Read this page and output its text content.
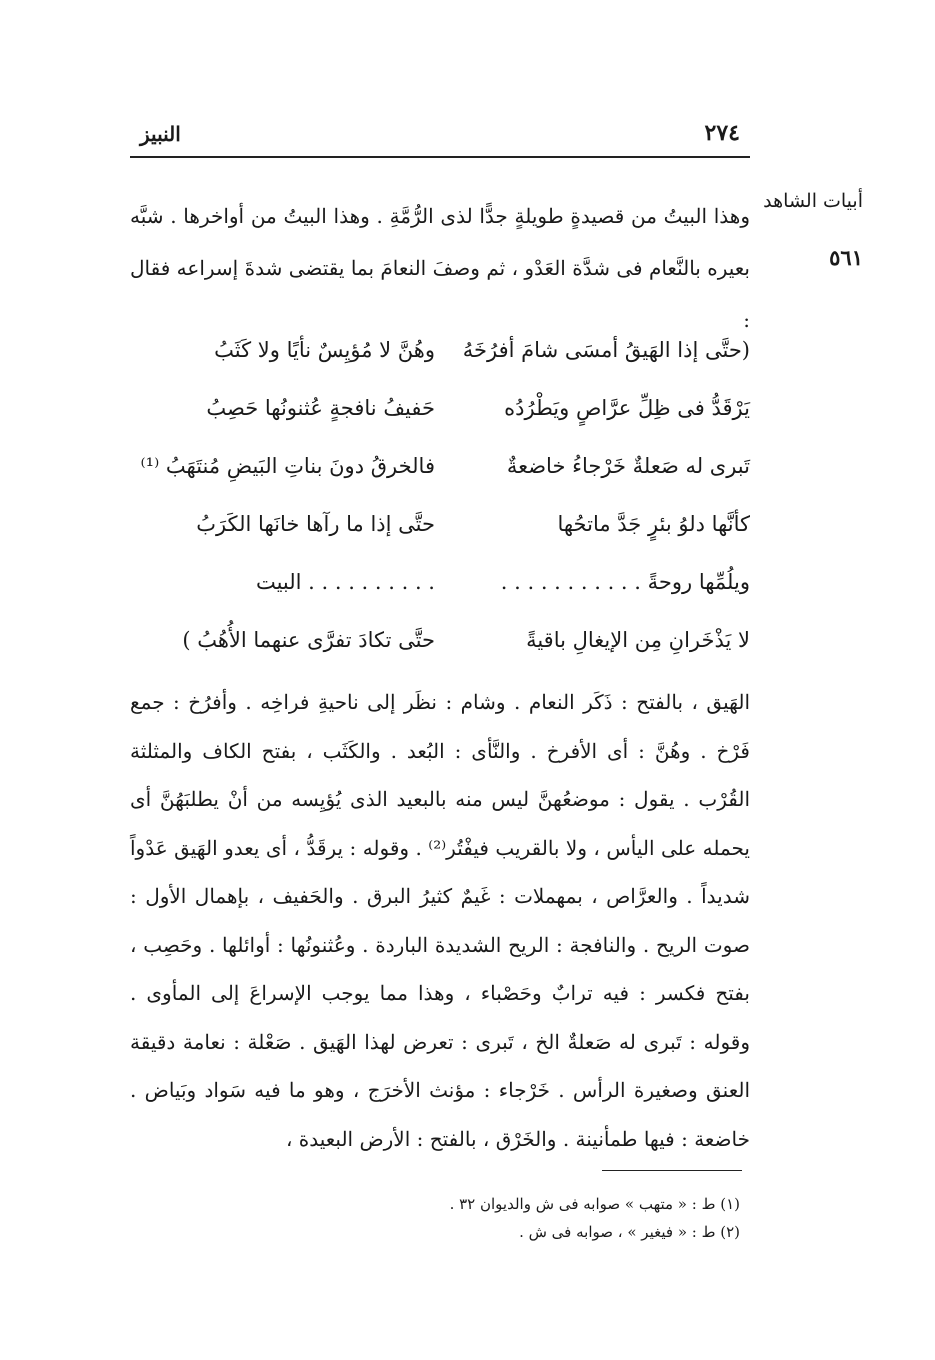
٢٧٤
النبيز
أبيات الشاهد
٥٦١
وهذا البيتُ من قصيدةٍ طويلةٍ جدًّا لذى الرُّمَّةِ . وهذا البيتُ من أواخرها . شبَّه بعيره بالنَّعام فى شدَّة العَدْو ، ثم وصفَ النعامَ بما يقتضى شدةَ إسراعه فقال :
(حتَّى إذا الهَيقُ أمسَى شامَ أفرُخَهُ
وهُنَّ لا مُؤيِسٌ نأيًا ولا كَثَبُ
يَرْقَدُّ فى ظِلِّ عرَّاصٍ ويَطْرُدُه
حَفيفُ نافجةٍ عُثنونُها حَصِبُ
تَبرى له صَعلةٌ خَرْجاءُ خاضعةٌ
فالخرقُ دونَ بناتِ البَيضِ مُنتَهَبُ ⁽¹⁾
كأنَّها دلوُ بئرٍ جَدَّ ماتحُها
حتَّى إذا ما رآها خانَها الكَرَبُ
ويلُمِّها روحةً . . . . . . . . . . .
. . . . . . . . . . البيت
لا يَذْخَرانِ مِن الإيغالِ باقيةً
حتَّى تكادَ تفرَّى عنهما الأُهُبُ )
الهَيق ، بالفتح : ذَكَر النعام . وشام : نظَر إلى ناحيةِ فراخِه . وأفرُخ : جمع فَرْخ . وهُنَّ : أى الأفرخ . والنَّأى : البُعد . والكَثَب ، بفتح الكاف والمثلثة القُرْب . يقول : موضعُهنَّ ليس منه بالبعيد الذى يُؤيِسه من أنْ يطلبَهُنَّ أى يحمله على اليأس ، ولا بالقريب فيفْتُر⁽²⁾ . وقوله : يرقَدُّ ، أى يعدو الهَيق عَدْواً شديداً . والعرَّاص ، بمهملات : غَيمٌ كثيرُ البرق . والحَفيف ، بإهمال الأول : صوت الريح . والنافجة : الريح الشديدة الباردة . وعُثنونُها : أوائلها . وحَصِب ، بفتح فكسر : فيه ترابٌ وحَصْباء ، وهذا مما يوجب الإسراعَ إلى المأوى . وقوله : تَبرى له صَعلةٌ الخ ، تَبرى : تعرض لهذا الهَيق . صَعْلة : نعامة دقيقة العنق وصغيرة الرأس . خَرْجاء : مؤنث الأخرَج ، وهو ما فيه سَواد وبَياض . خاضعة : فيها طمأنينة . والخَرْق ، بالفتح : الأرض البعيدة ،
(١) ط : « متهب » صوابه فى ش والديوان ٣٢ .
(٢) ط : « فيغير » ، صوابه فى ش .
